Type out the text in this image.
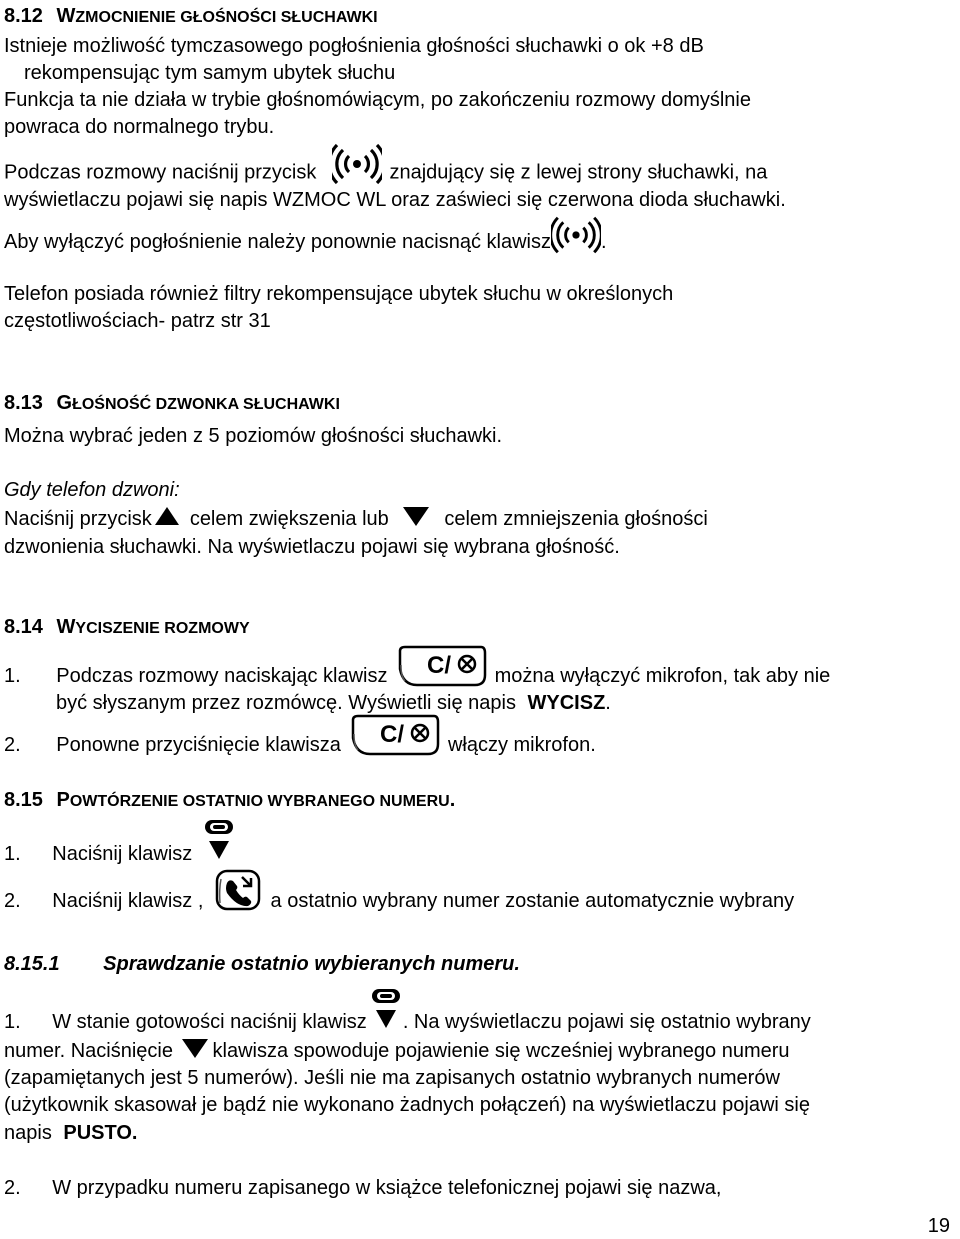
8.12 WZMOCNIENIE GŁOŚNOŚCI SŁUCHAWKI
Istnieje możliwość tymczasowego pogłośnienia głośności słuchawki o ok +8 dB
rekompensując tym samym ubytek słuchu
Funkcja ta nie działa w trybie głośnomówiącym, po zakończeniu rozmowy domyślnie
powraca do normalnego trybu.
Podczas rozmowy naciśnij przycisk	znajdujący się z lewej strony słuchawki, na
wyświetlaczu pojawi się napis WZMOC WL oraz zaświeci się czerwona dioda słuchawki.
Aby wyłączyć pogłośnienie należy ponownie nacisnąć klawisz	.
Telefon posiada również filtry rekompensujące ubytek słuchu w określonych
częstotliwościach- patrz str 31
8.13 GŁOŚNOŚĆ DZWONKA SŁUCHAWKI
Można wybrać jeden z 5 poziomów głośności słuchawki.
Gdy telefon dzwoni:
Naciśnij przycisk celem zwiększenia lub	celem zmniejszenia głośności
dzwonienia słuchawki. Na wyświetlaczu pojawi się wybrana głośność.
8.14 WYCISZENIE ROZMOWY
1. Podczas rozmowy naciskając klawisz	można wyłączyć mikrofon, tak aby nie
być słyszanym przez rozmówcę. Wyświetli się napis WYCISZ.
2. Ponowne przyciśnięcie klawisza	włączy mikrofon.
8.15 POWTÓRZENIE OSTATNIO WYBRANEGO NUMERU.
1. Naciśnij klawisz
2. Naciśnij klawisz ,	a ostatnio wybrany numer zostanie automatycznie wybrany
8.15.1 Sprawdzanie ostatnio wybieranych numeru.
1. W stanie gotowości naciśnij klawisz . Na wyświetlaczu pojawi się ostatnio wybrany
numer. Naciśnięcie klawisza spowoduje pojawienie się wcześniej wybranego numeru
(zapamiętanych jest 5 numerów). Jeśli nie ma zapisanych ostatnio wybranych numerów
(użytkownik skasował je bądź nie wykonano żadnych połączeń) na wyświetlaczu pojawi się
napis PUSTO.
2. W przypadku numeru zapisanego w książce telefonicznej pojawi się nazwa,
19
